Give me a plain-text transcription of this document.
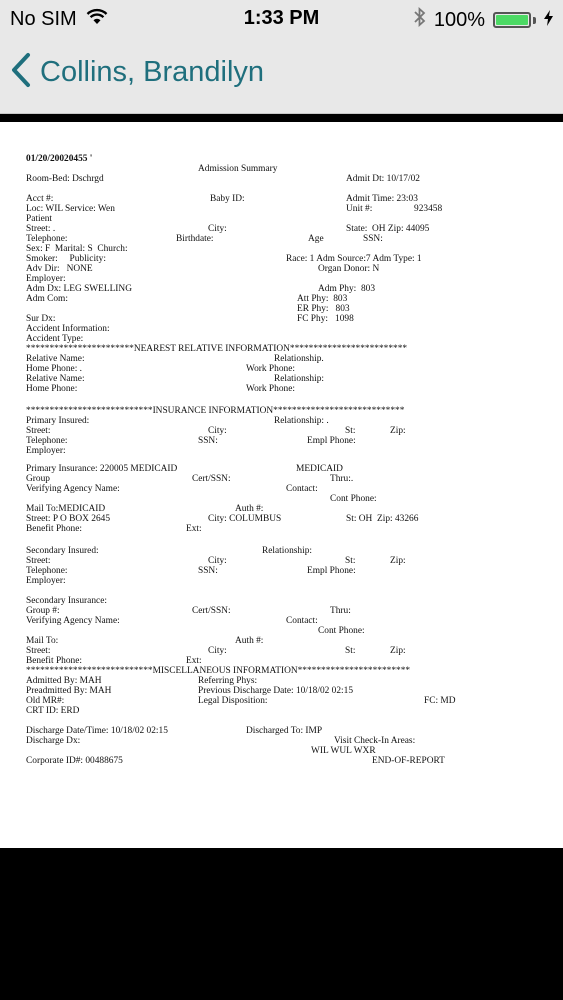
No SIM	1:33 PM	100%
Collins, Brandilyn
01/20/20020455 '
Admission Summary
Room-Bed: Dschrgd	Admit Dt: 10/17/02
Acct #:	Baby ID:	Admit Time: 23:03
Loc: WIL Service: Wen	Unit #:	923458
Patient
Street: .	City:	State:  OH Zip: 44095
Telephone:	Birthdate:	Age	SSN:
Sex: F  Marital: S  Church:
Smoker:     Publicity:	Race: 1 Adm Source:7 Adm Type: 1
Adv Dir:   NONE	Organ Donor: N
Employer:
Adm Dx: LEG SWELLING	Adm Phy:  803
Adm Com:	Att Phy:  803
ER Phy:   803
Sur Dx:	FC Phy:   1098
Accident Information:
Accident Type:
***********************NEAREST RELATIVE INFORMATION*************************
Relative Name:	Relationship.
Home Phone: .	Work Phone:
Relative Name:	Relationship:
Home Phone:	Work Phone:
***************************INSURANCE INFORMATION****************************
Primary Insured:	Relationship: .
Street:	City:	St:	Zip:
Telephone:	SSN:	Empl Phone:
Employer:
Primary Insurance: 220005 MEDICAID	MEDICAID
Group	Cert/SSN:	Thru:.
Verifying Agency Name:	Contact:
Cont Phone:
Mail To:MEDICAID	Auth #:
Street: P O BOX 2645	City: COLUMBUS	St: OH  Zip: 43266
Benefit Phone:	Ext:
Secondary Insured:	Relationship:
Street:	City:	St:	Zip:
Telephone:	SSN:	Empl Phone:
Employer:
Secondary Insurance:
Group #:	Cert/SSN:	Thru:
Verifying Agency Name:	Contact:
Cont Phone:
Mail To:	Auth #:
Street:	City:	St:	Zip:
Benefit Phone:	Ext:
***************************MISCELLANEOUS INFORMATION************************
Admitted By: MAH	Referring Phys:
Preadmitted By: MAH	Previous Discharge Date: 10/18/02 02:15
Old MR#:	Legal Disposition:	FC: MD
CRT ID: ERD
Discharge Date/Time: 10/18/02 02:15	Discharged To: IMP
Discharge Dx:	Visit Check-In Areas:
WIL WUL WXR
Corporate ID#: 00488675	END-OF-REPORT
